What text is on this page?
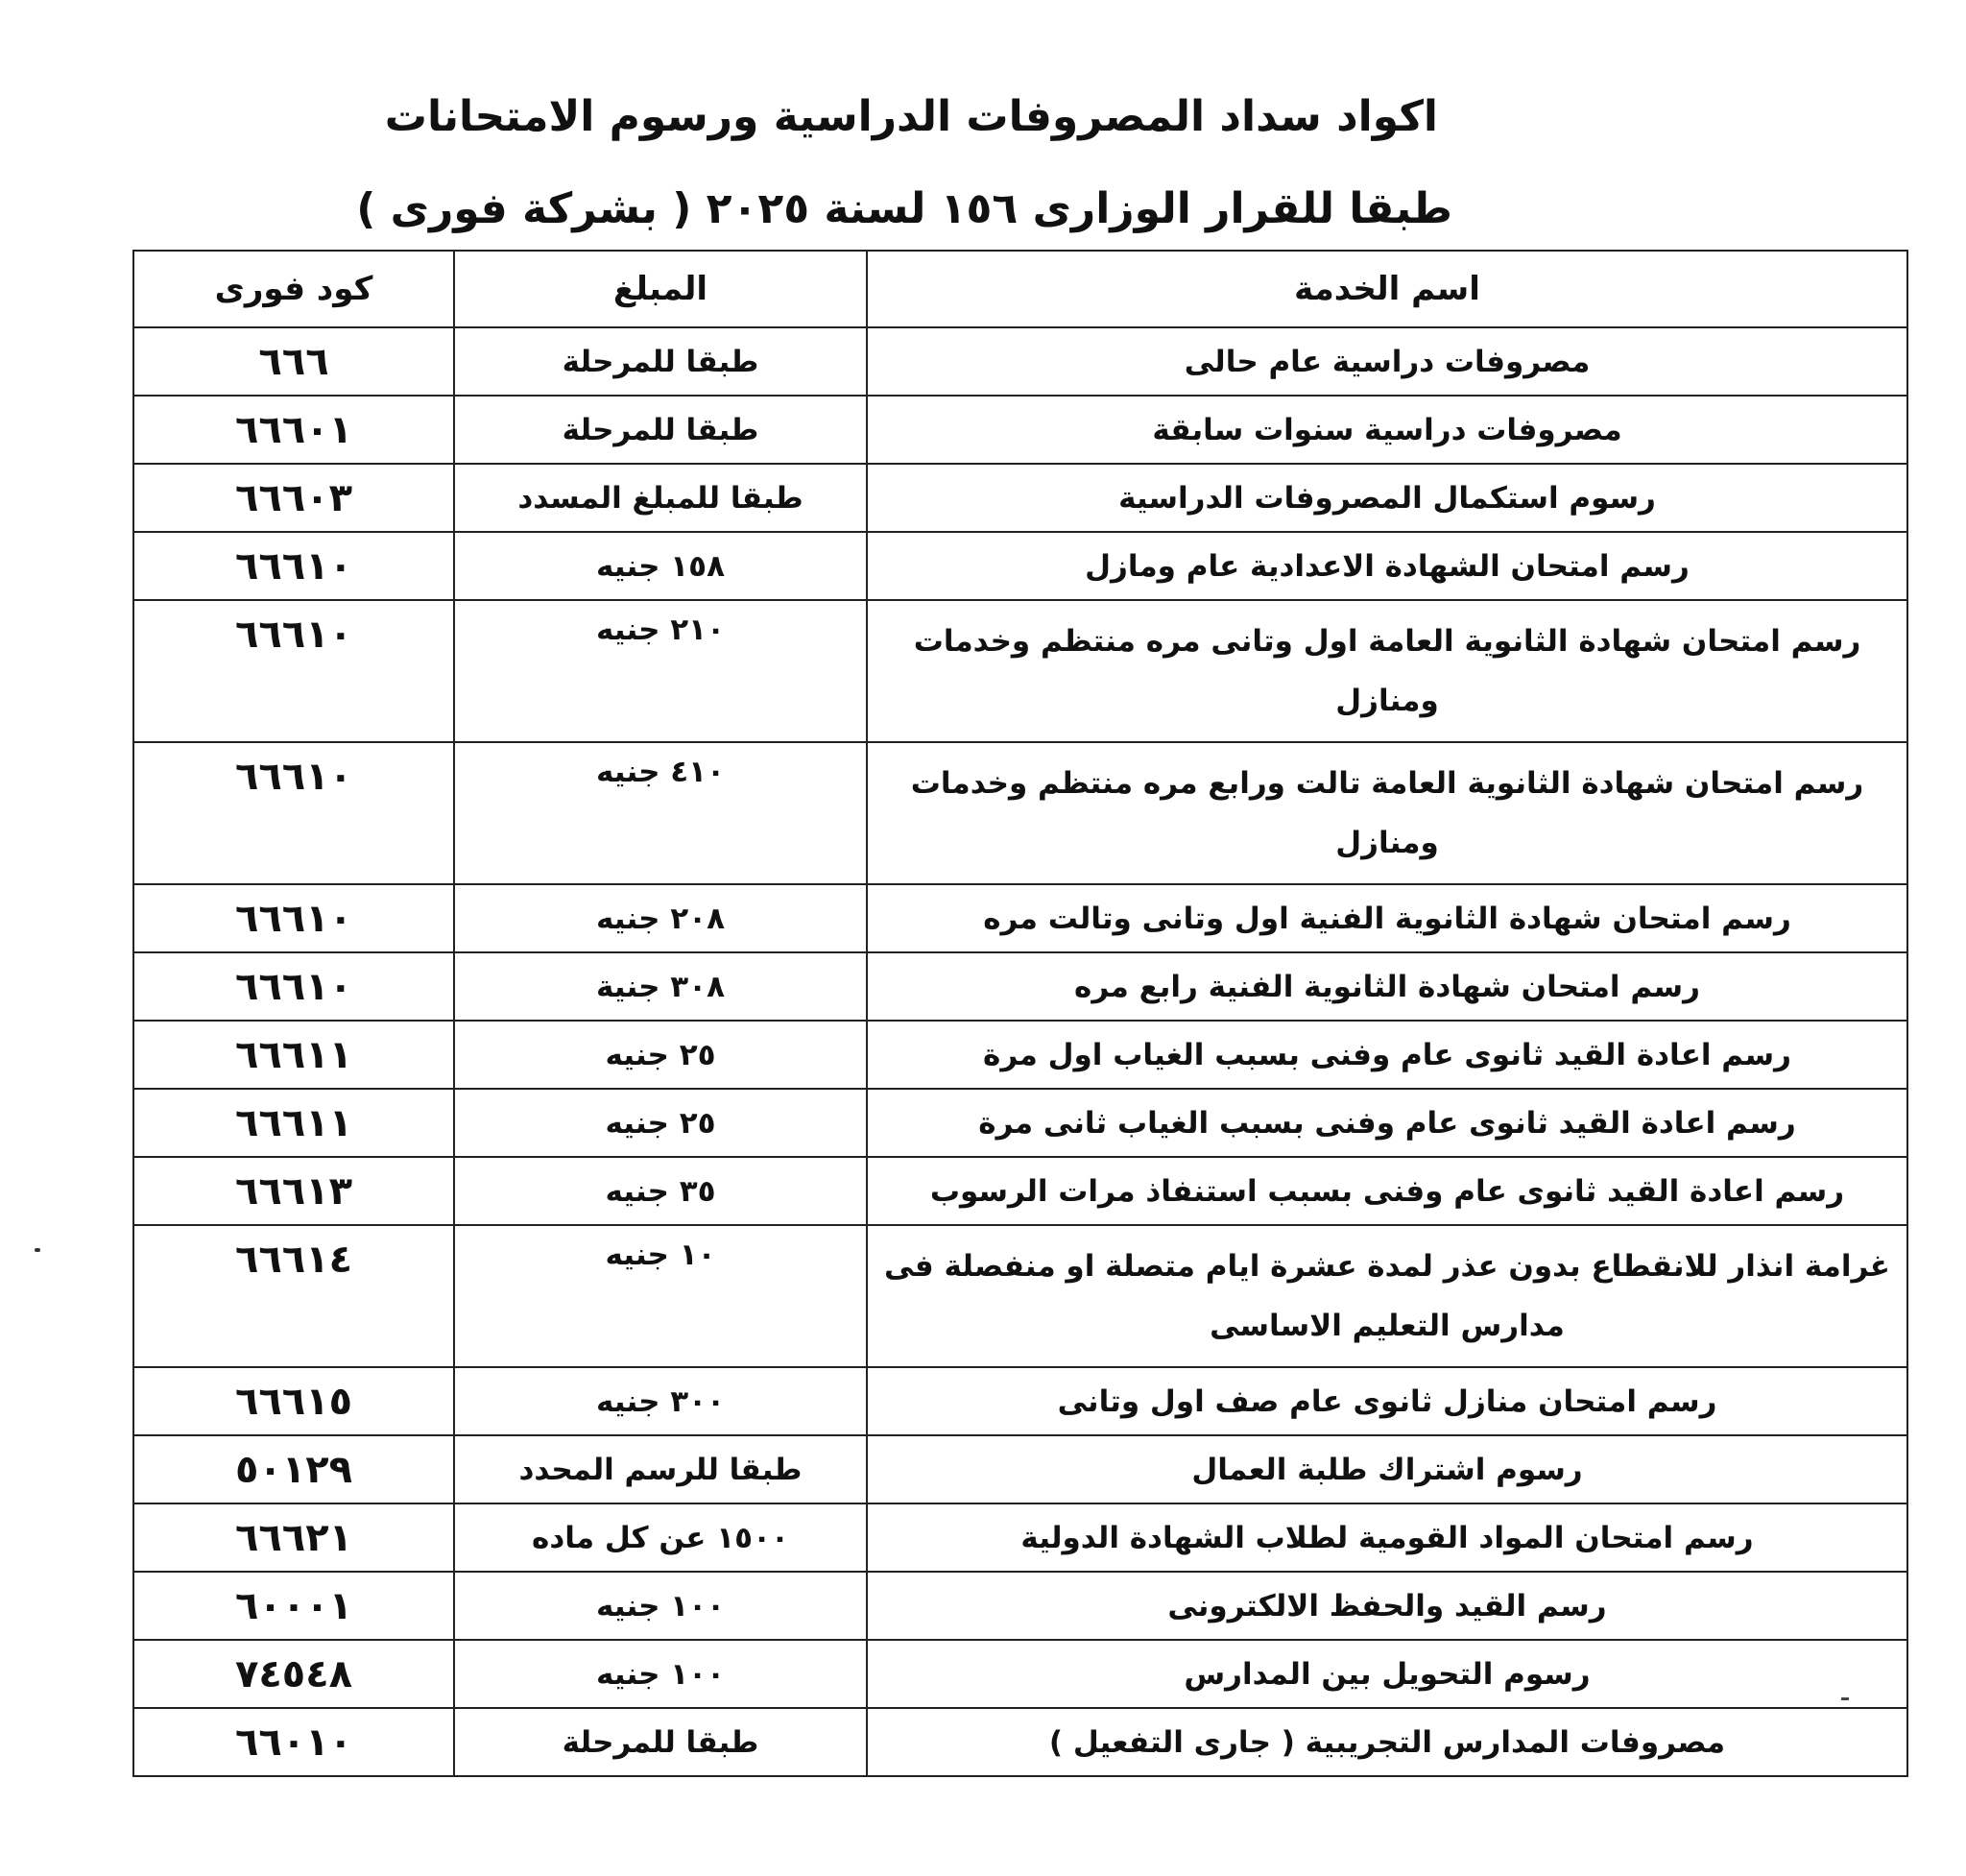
اكواد سداد المصروفات الدراسية ورسوم الامتحانات
طبقا للقرار الوزارى ١٥٦ لسنة ٢٠٢٥ ( بشركة فورى )
اسم الخدمة	المبلغ	كود فورى
مصروفات دراسية عام حالى	طبقا للمرحلة	٦٦٦
مصروفات دراسية سنوات سابقة	طبقا للمرحلة	٦٦٦٠١
رسوم استكمال المصروفات الدراسية	طبقا للمبلغ المسدد	٦٦٦٠٣
رسم امتحان الشهادة الاعدادية عام ومازل	١٥٨ جنيه	٦٦٦١٠
رسم امتحان شهادة الثانوية العامة اول وتانى مره منتظم وخدمات ومنازل	٢١٠ جنيه	٦٦٦١٠
رسم امتحان شهادة الثانوية العامة تالت ورابع مره منتظم وخدمات ومنازل	٤١٠ جنيه	٦٦٦١٠
رسم امتحان شهادة الثانوية الفنية اول وتانى وتالت مره	٢٠٨ جنيه	٦٦٦١٠
رسم امتحان شهادة الثانوية الفنية رابع مره	٣٠٨ جنية	٦٦٦١٠
رسم اعادة القيد ثانوى عام وفنى بسبب الغياب اول مرة	٢٥ جنيه	٦٦٦١١
رسم اعادة القيد ثانوى عام وفنى بسبب الغياب ثانى مرة	٢٥ جنيه	٦٦٦١١
رسم اعادة القيد ثانوى عام وفنى بسبب استنفاذ مرات الرسوب	٣٥ جنيه	٦٦٦١٣
غرامة انذار للانقطاع بدون عذر لمدة عشرة ايام متصلة او منفصلة فى مدارس التعليم الاساسى	١٠ جنيه	٦٦٦١٤
رسم امتحان منازل ثانوى عام صف اول وتانى	٣٠٠ جنيه	٦٦٦١٥
رسوم اشتراك طلبة العمال	طبقا للرسم المحدد	٥٠١٢٩
رسم امتحان المواد القومية لطلاب الشهادة الدولية	١٥٠٠ عن كل ماده	٦٦٦٢١
رسم القيد والحفظ الالكترونى	١٠٠ جنيه	٦٠٠٠١
رسوم التحويل بين المدارس	١٠٠ جنيه	٧٤٥٤٨
مصروفات المدارس التجريبية ( جارى التفعيل )	طبقا للمرحلة	٦٦٠١٠
